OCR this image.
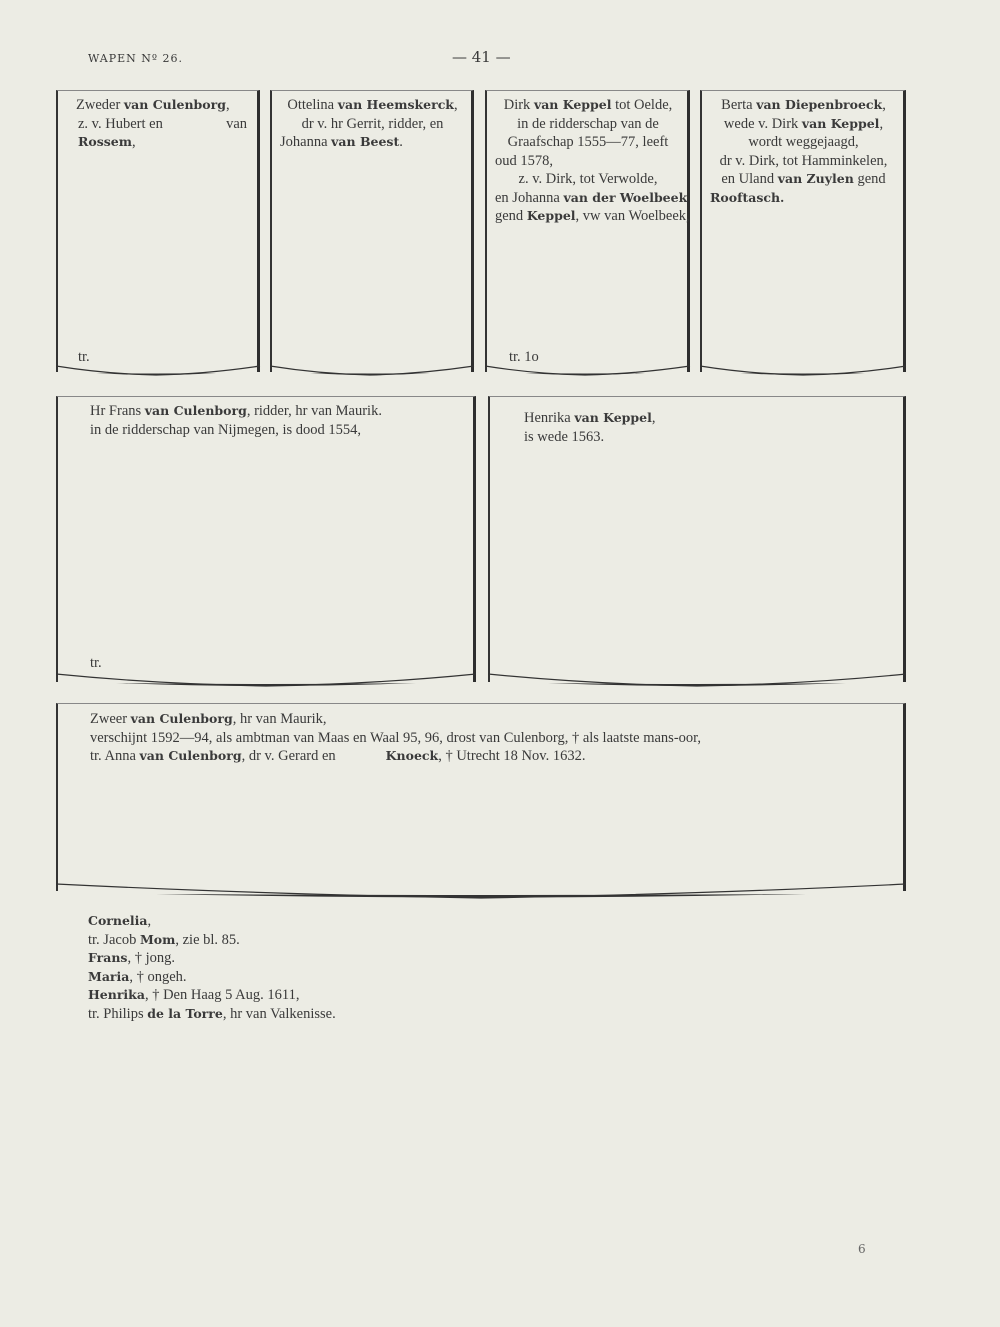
WAPEN Nº 26.	— 41 —
Zweder van Culenborg,
z. v. Hubert en	van
Rossem,
tr.
Ottelina van Heemskerck,
dr v. hr Gerrit, ridder, en
Johanna van Beest.
Dirk van Keppel tot Oelde,
in de ridderschap van de
Graafschap 1555—77, leeft
oud 1578,
z. v. Dirk, tot Verwolde,
en Johanna van der Woelbeek
gend Keppel, vw van Woelbeek,
tr. 1o
Berta van Diepenbroeck,
wede v. Dirk van Keppel,
wordt weggejaagd,
dr v. Dirk, tot Hamminkelen,
en Uland van Zuylen gend
Rooftasch.
Hr Frans van Culenborg, ridder, hr van Maurik.
in de ridderschap van Nijmegen, is dood 1554,
tr.
Henrika van Keppel,
is wede 1563.
Zweer van Culenborg, hr van Maurik,
verschijnt 1592—94, als ambtman van Maas en Waal 95, 96, drost van Culenborg, † als laatste mans-oor,
tr. Anna van Culenborg, dr v. Gerard en	Knoeck, † Utrecht 18 Nov. 1632.
Cornelia,
tr. Jacob Mom, zie bl. 85.
Frans, † jong.
Maria, † ongeh.
Henrika, † Den Haag 5 Aug. 1611,
tr. Philips de la Torre, hr van Valkenisse.
6
